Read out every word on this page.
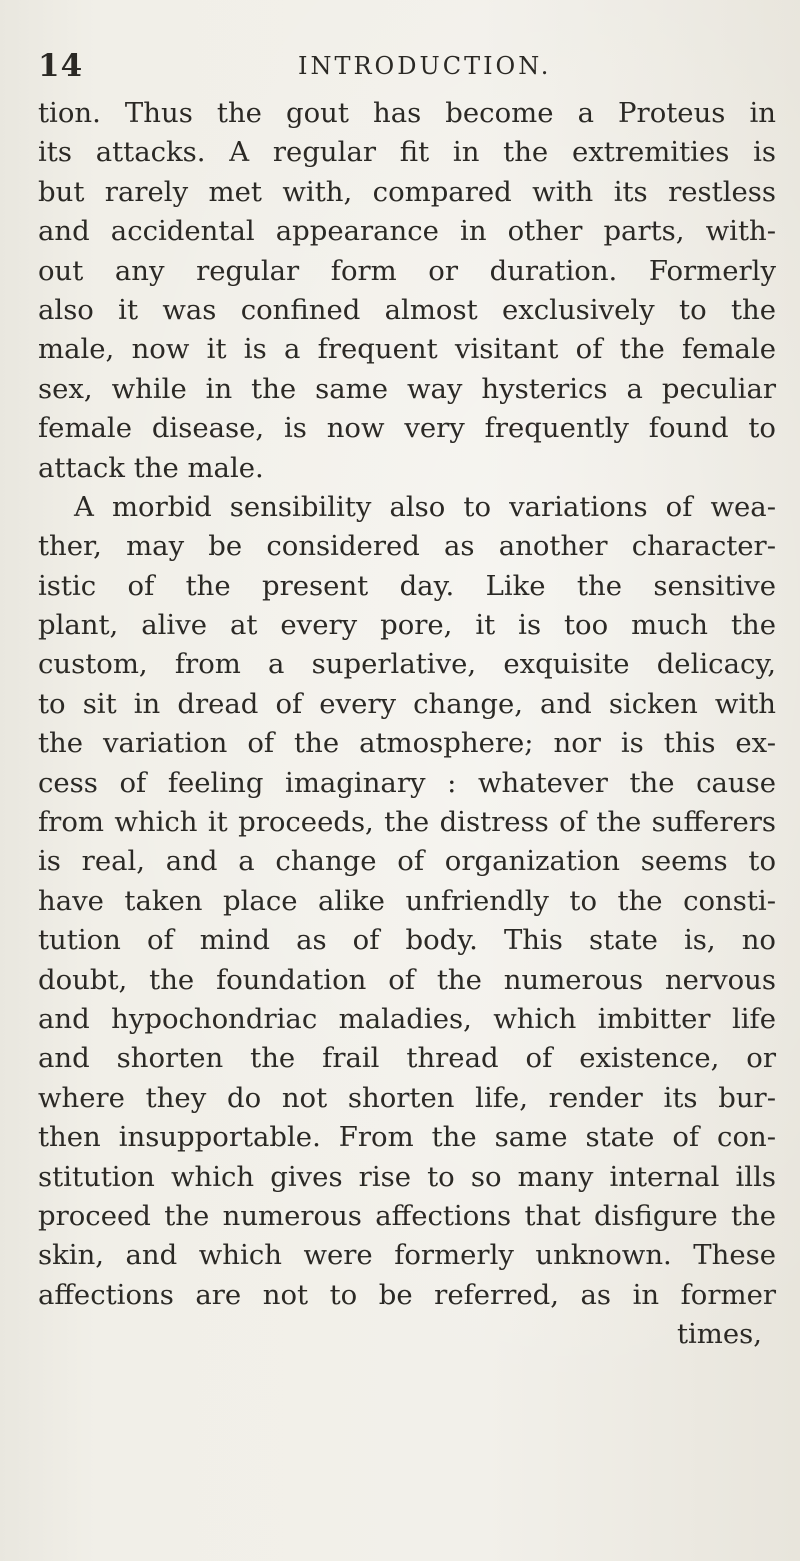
14	INTRODUCTION.
tion. Thus the gout has become a Proteus in
its attacks. A regular fit in the extremities is
but rarely met with, compared with its restless
and accidental appearance in other parts, with-
out any regular form or duration. Formerly
also it was confined almost exclusively to the
male, now it is a frequent visitant of the female
sex, while in the same way hysterics a peculiar
female disease, is now very frequently found to
attack the male.
A morbid sensibility also to variations of wea-
ther, may be considered as another character-
istic of the present day. Like the sensitive
plant, alive at every pore, it is too much the
custom, from a superlative, exquisite delicacy,
to sit in dread of every change, and sicken with
the variation of the atmosphere; nor is this ex-
cess of feeling imaginary : whatever the cause
from which it proceeds, the distress of the sufferers
is real, and a change of organization seems to
have taken place alike unfriendly to the consti-
tution of mind as of body. This state is, no
doubt, the foundation of the numerous nervous
and hypochondriac maladies, which imbitter life
and shorten the frail thread of existence, or
where they do not shorten life, render its bur-
then insupportable. From the same state of con-
stitution which gives rise to so many internal ills
proceed the numerous affections that disfigure the
skin, and which were formerly unknown. These
affections are not to be referred, as in former
times,
